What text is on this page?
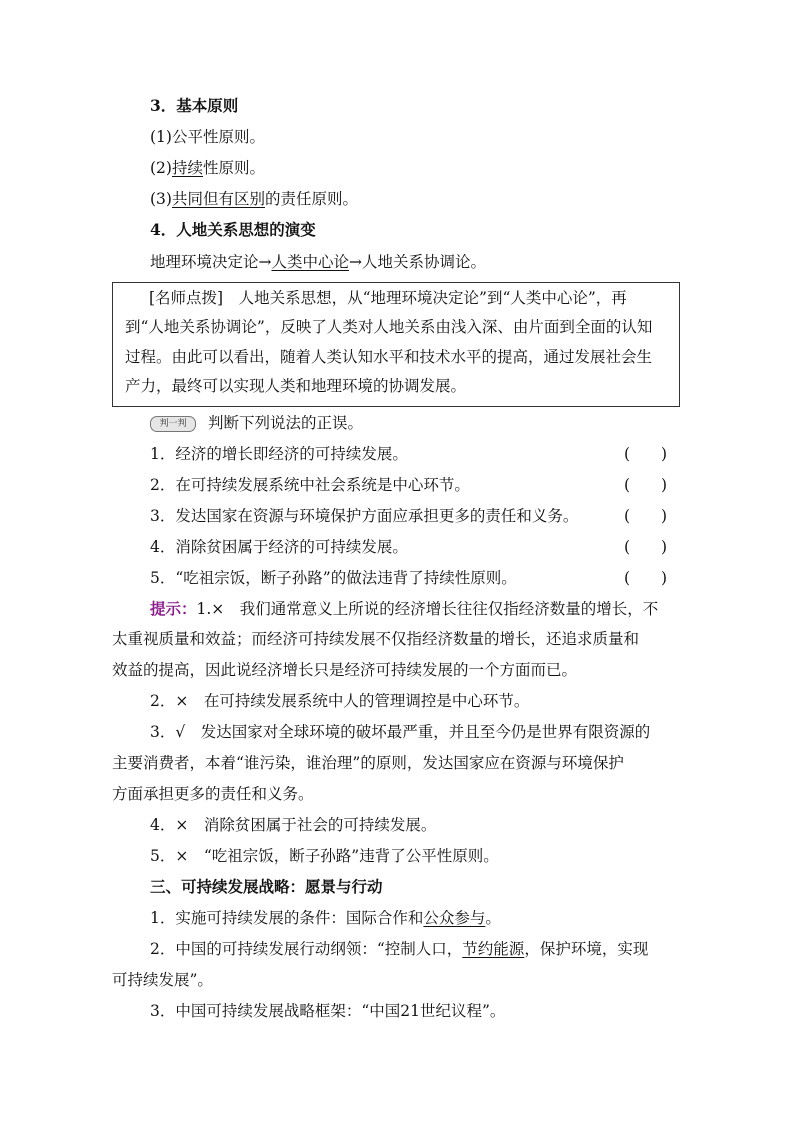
3．基本原则
(1)公平性原则。
(2)持续性原则。
(3)共同但有区别的责任原则。
4．人地关系思想的演变
地理环境决定论→人类中心论→人地关系协调论。
[名师点拨]  人地关系思想，从“地理环境决定论”到“人类中心论”，再
到“人地关系协调论”，反映了人类对人地关系由浅入深、由片面到全面的认知
过程。由此可以看出，随着人类认知水平和技术水平的提高，通过发展社会生
产力，最终可以实现人类和地理环境的协调发展。
判一判 判断下列说法的正误。
1．经济的增长即经济的可持续发展。	(　　)
2．在可持续发展系统中社会系统是中心环节。	(　　)
3．发达国家在资源与环境保护方面应承担更多的责任和义务。	(　　)
4．消除贫困属于经济的可持续发展。	(　　)
5．“吃祖宗饭，断子孙路”的做法违背了持续性原则。	(　　)
提示：1.×　我们通常意义上所说的经济增长往往仅指经济数量的增长，不
太重视质量和效益；而经济可持续发展不仅指经济数量的增长，还追求质量和
效益的提高，因此说经济增长只是经济可持续发展的一个方面而已。
2．×　在可持续发展系统中人的管理调控是中心环节。
3．√　发达国家对全球环境的破坏最严重，并且至今仍是世界有限资源的
主要消费者，本着“谁污染，谁治理”的原则，发达国家应在资源与环境保护
方面承担更多的责任和义务。
4．×　消除贫困属于社会的可持续发展。
5．×　“吃祖宗饭，断子孙路”违背了公平性原则。
三、可持续发展战略：愿景与行动
1．实施可持续发展的条件：国际合作和公众参与。
2．中国的可持续发展行动纲领：“控制人口，节约能源，保护环境，实现
可持续发展”。
3．中国可持续发展战略框架：“中国21世纪议程”。
